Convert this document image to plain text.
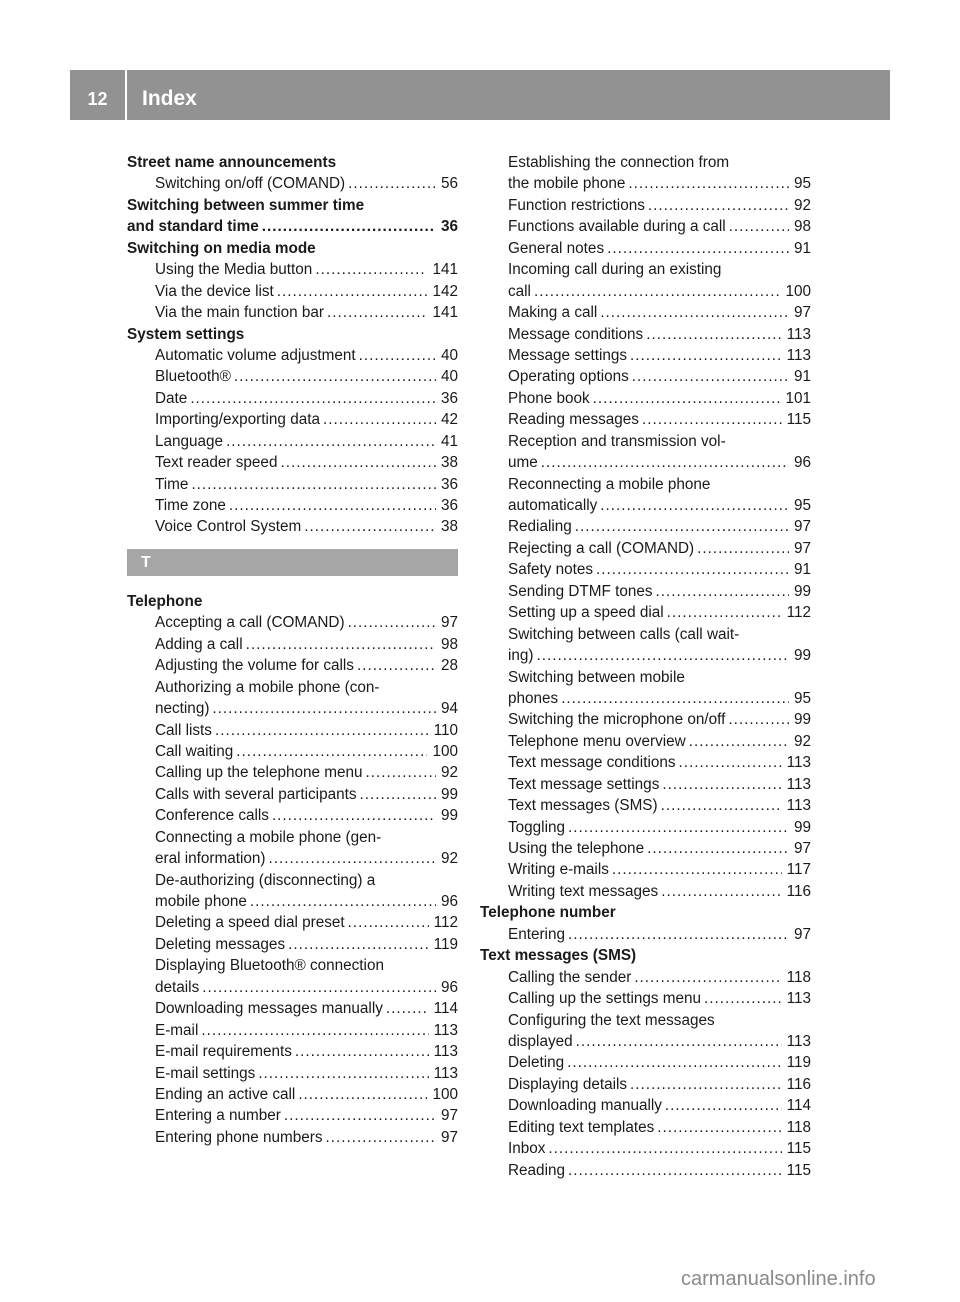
12	Index
Street name announcements
Switching on/off (COMAND) .....	56
Switching between summer time
and standard time .....	36
Switching on media mode
Using the Media button .....	141
Via the device list .....	142
Via the main function bar .....	141
System settings
Automatic volume adjustment .....	40
Bluetooth® .....	40
Date .....	36
Importing/exporting data .....	42
Language .....	41
Text reader speed .....	38
Time .....	36
Time zone .....	36
Voice Control System .....	38
T
Telephone
Accepting a call (COMAND) .....	97
Adding a call .....	98
Adjusting the volume for calls .....	28
Authorizing a mobile phone (con-
necting) .....	94
Call lists .....	110
Call waiting .....	100
Calling up the telephone menu .....	92
Calls with several participants .....	99
Conference calls .....	99
Connecting a mobile phone (gen-
eral information) .....	92
De-authorizing (disconnecting) a
mobile phone .....	96
Deleting a speed dial preset .....	112
Deleting messages .....	119
Displaying Bluetooth® connection
details .....	96
Downloading messages manually .....	114
E-mail .....	113
E-mail requirements .....	113
E-mail settings .....	113
Ending an active call .....	100
Entering a number .....	97
Entering phone numbers .....	97
Establishing the connection from
the mobile phone .....	95
Function restrictions .....	92
Functions available during a call .....	98
General notes .....	91
Incoming call during an existing
call .....	100
Making a call .....	97
Message conditions .....	113
Message settings .....	113
Operating options .....	91
Phone book .....	101
Reading messages .....	115
Reception and transmission vol-
ume .....	96
Reconnecting a mobile phone
automatically .....	95
Redialing .....	97
Rejecting a call (COMAND) .....	97
Safety notes .....	91
Sending DTMF tones .....	99
Setting up a speed dial .....	112
Switching between calls (call wait-
ing) .....	99
Switching between mobile
phones .....	95
Switching the microphone on/off .....	99
Telephone menu overview .....	92
Text message conditions .....	113
Text message settings .....	113
Text messages (SMS) .....	113
Toggling .....	99
Using the telephone .....	97
Writing e-mails .....	117
Writing text messages .....	116
Telephone number
Entering .....	97
Text messages (SMS)
Calling the sender .....	118
Calling up the settings menu .....	113
Configuring the text messages
displayed .....	113
Deleting .....	119
Displaying details .....	116
Downloading manually .....	114
Editing text templates .....	118
Inbox .....	115
Reading .....	115
carmanualsonline.info
